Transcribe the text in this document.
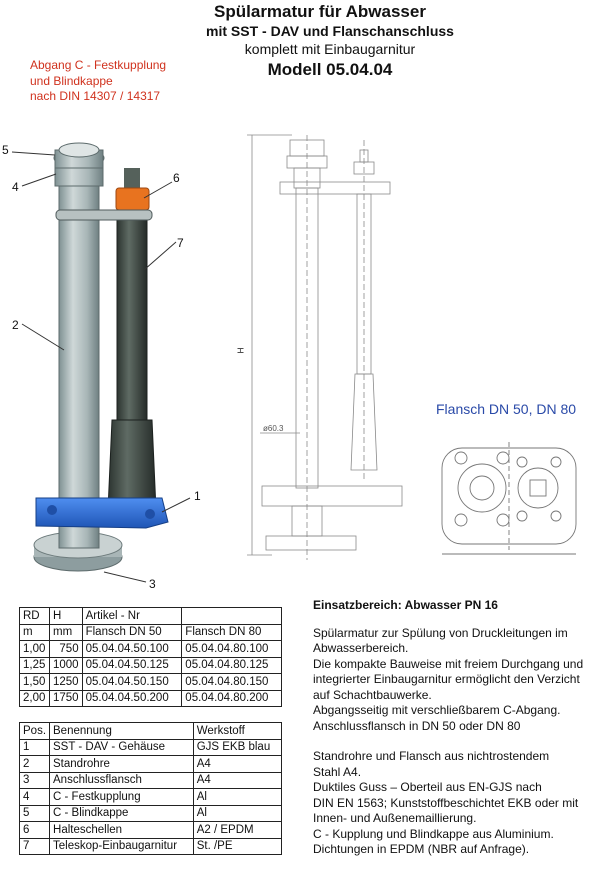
Spülarmatur für Abwasser
mit SST - DAV und Flanschanschluss
komplett mit Einbaugarnitur
Modell 05.04.04
Abgang C - Festkupplung
und Blindkappe
nach DIN 14307 / 14317
5
4
6
7
2
1
3
H
ø60.3
Flansch DN 50, DN 80
RD	H	Artikel - Nr	
m	mm	Flansch DN 50	Flansch DN 80
1,00	750	05.04.04.50.100	05.04.04.80.100
1,25	1000	05.04.04.50.125	05.04.04.80.125
1,50	1250	05.04.04.50.150	05.04.04.80.150
2,00	1750	05.04.04.50.200	05.04.04.80.200
Pos.	Benennung	Werkstoff
1	SST - DAV - Gehäuse	GJS EKB blau
2	Standrohre	A4
3	Anschlussflansch	A4
4	C - Festkupplung	Al
5	C - Blindkappe	Al
6	Halteschellen	A2 / EPDM
7	Teleskop-Einbaugarnitur	St. /PE
Einsatzbereich: Abwasser PN 16

Spülarmatur zur Spülung von Druckleitungen im

Abwasserbereich.

Die kompakte Bauweise mit freiem Durchgang und

integrierter Einbaugarnitur ermöglicht den Verzicht

auf Schachtbauwerke.

Abgangsseitig mit verschließbarem C-Abgang.

Anschlussflansch in DN 50 oder DN 80

Standrohre und Flansch aus nichtrostendem

Stahl A4.

Duktiles Guss – Oberteil aus EN-GJS nach

DIN EN 1563; Kunststoffbeschichtet EKB oder mit

Innen- und Außenemaillierung.

C - Kupplung und Blindkappe aus Aluminium.

Dichtungen in EPDM (NBR auf Anfrage).
